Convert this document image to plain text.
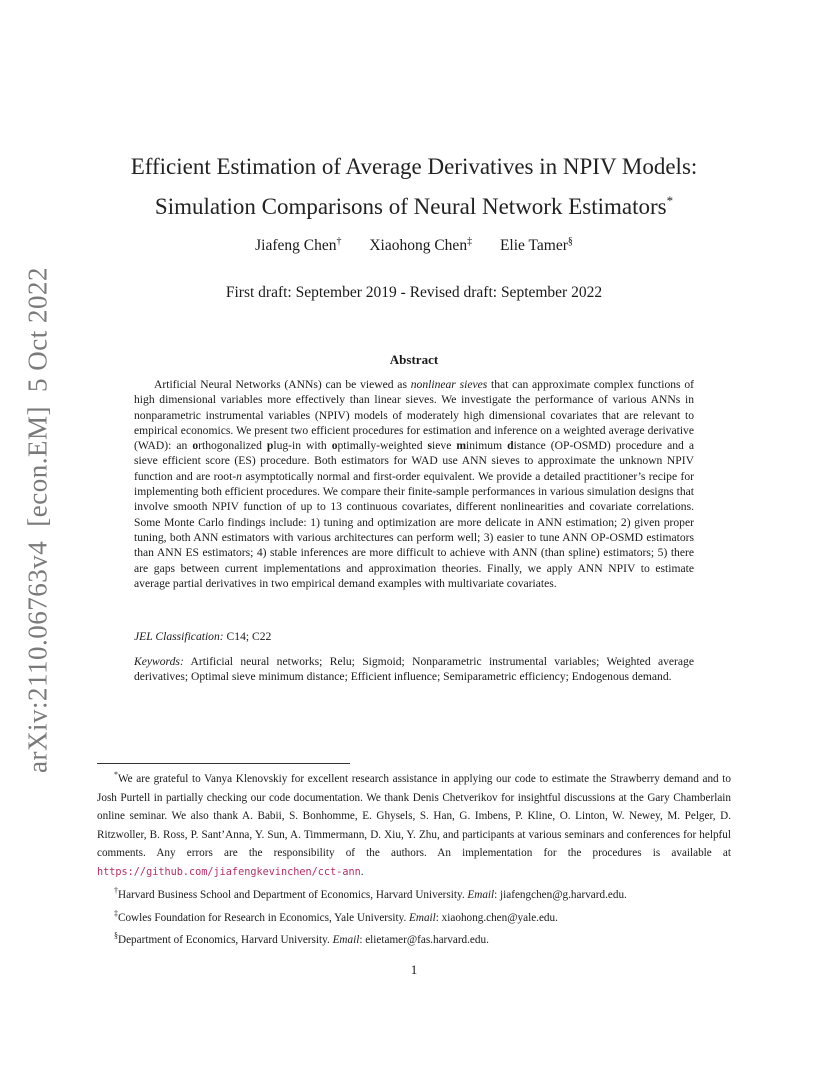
arXiv:2110.06763v4[econ.EM]5 Oct 2022
Efficient Estimation of Average Derivatives in NPIV Models:
Simulation Comparisons of Neural Network Estimators*
Jiafeng Chen† Xiaohong Chen‡ Elie Tamer§
First draft: September 2019 - Revised draft: September 2022
Abstract
Artificial Neural Networks (ANNs) can be viewed as nonlinear sieves that can approximate complex functions of high dimensional variables more effectively than linear sieves. We investigate the performance of various ANNs in nonparametric instrumental variables (NPIV) models of moderately high dimensional covariates that are relevant to empirical economics. We present two efficient procedures for estimation and inference on a weighted average derivative (WAD): an orthogonalized plug-in with optimally-weighted sieve minimum distance (OP-OSMD) procedure and a sieve efficient score (ES) procedure. Both estimators for WAD use ANN sieves to approximate the unknown NPIV function and are root-n asymptotically normal and first-order equivalent. We provide a detailed practitioner’s recipe for implementing both efficient procedures. We compare their finite-sample performances in various simulation designs that involve smooth NPIV function of up to 13 continuous covariates, different nonlinearities and covariate correlations. Some Monte Carlo findings include: 1) tuning and optimization are more delicate in ANN estimation; 2) given proper tuning, both ANN estimators with various architectures can perform well; 3) easier to tune ANN OP-OSMD estimators than ANN ES estimators; 4) stable inferences are more difficult to achieve with ANN (than spline) estimators; 5) there are gaps between current implementations and approximation theories. Finally, we apply ANN NPIV to estimate average partial derivatives in two empirical demand examples with multivariate covariates.
JEL Classification: C14; C22
Keywords: Artificial neural networks; Relu; Sigmoid; Nonparametric instrumental variables; Weighted average derivatives; Optimal sieve minimum distance; Efficient influence; Semiparametric efficiency; Endogenous demand.

*We are grateful to Vanya Klenovskiy for excellent research assistance in applying our code to estimate the Strawberry demand and to Josh Purtell in partially checking our code documentation. We thank Denis Chetverikov for insightful discussions at the Gary Chamberlain online seminar. We also thank A. Babii, S. Bonhomme, E. Ghysels, S. Han, G. Imbens, P. Kline, O. Linton, W. Newey, M. Pelger, D. Ritzwoller, B. Ross, P. Sant’Anna, Y. Sun, A. Timmermann, D. Xiu, Y. Zhu, and participants at various seminars and conferences for helpful comments. Any errors are the responsibility of the authors. An implementation for the procedures is available at https://github.com/jiafengkevinchen/cct-ann.

†Harvard Business School and Department of Economics, Harvard University. Email: jiafengchen@g.harvard.edu.

‡Cowles Foundation for Research in Economics, Yale University. Email: xiaohong.chen@yale.edu.

§Department of Economics, Harvard University. Email: elietamer@fas.harvard.edu.

1
